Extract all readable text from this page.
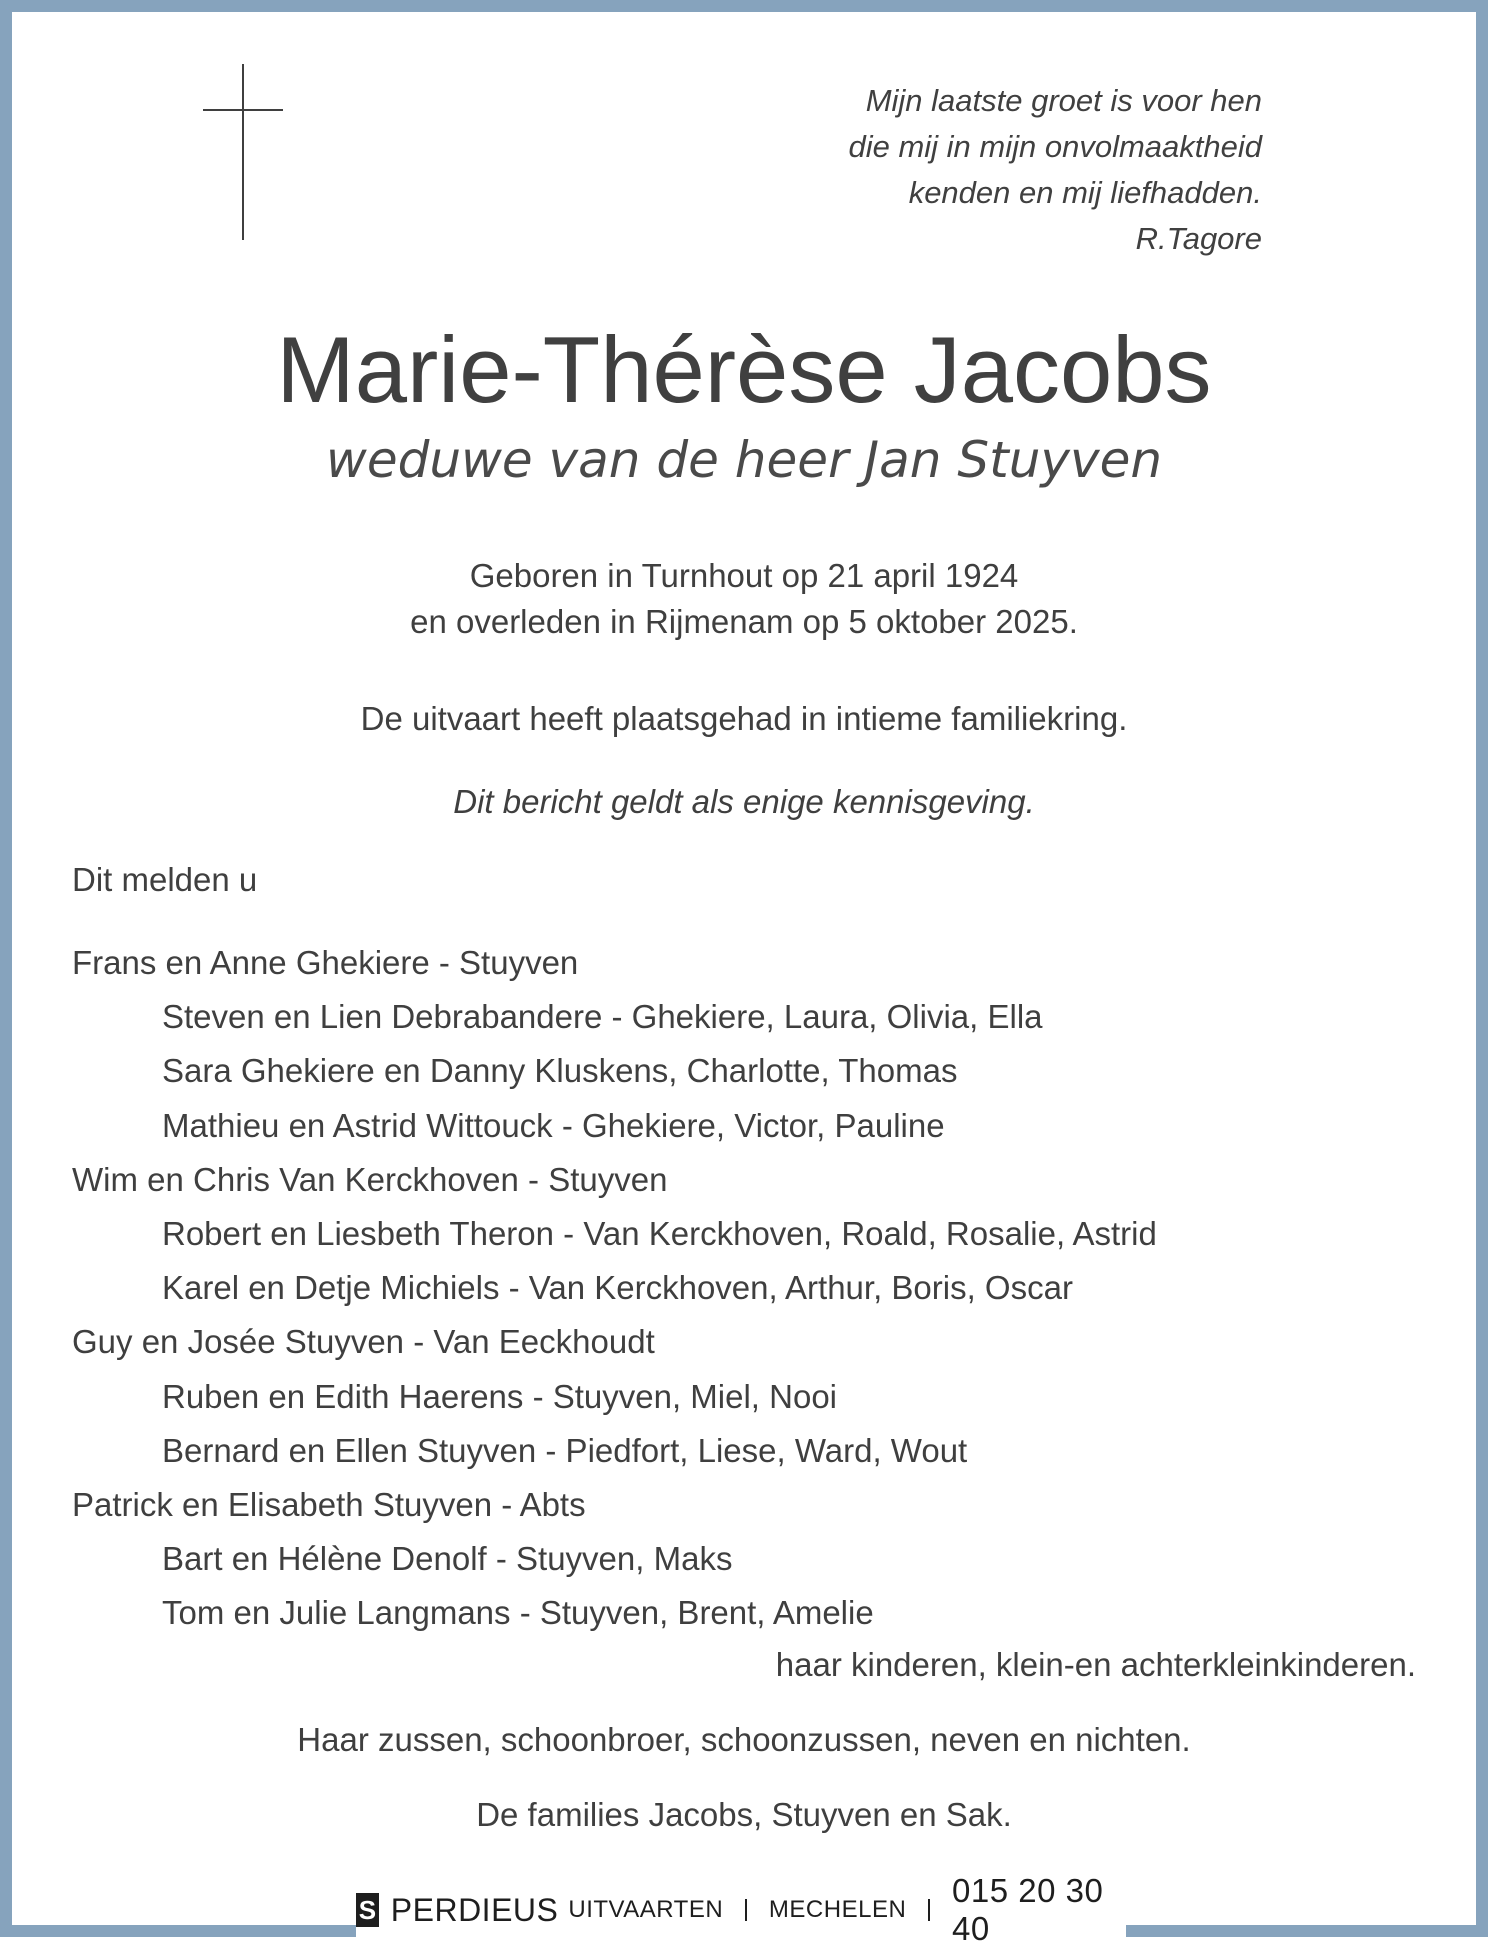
Mijn laatste groet is voor hen
die mij in mijn onvolmaaktheid
kenden en mij liefhadden.
R.Tagore
Marie-Thérèse Jacobs
weduwe van de heer Jan Stuyven
Geboren in Turnhout op 21 april 1924
en overleden in Rijmenam op 5 oktober 2025.
De uitvaart heeft plaatsgehad in intieme familiekring.
Dit bericht geldt als enige kennisgeving.
Dit melden u
Frans en Anne Ghekiere - Stuyven
Steven en Lien Debrabandere - Ghekiere, Laura, Olivia, Ella
Sara Ghekiere en Danny Kluskens, Charlotte, Thomas
Mathieu en Astrid Wittouck - Ghekiere, Victor, Pauline
Wim en Chris Van Kerckhoven - Stuyven
Robert en Liesbeth Theron - Van Kerckhoven, Roald, Rosalie, Astrid
Karel en Detje Michiels - Van Kerckhoven, Arthur, Boris, Oscar
Guy en Josée Stuyven - Van Eeckhoudt
Ruben en Edith Haerens - Stuyven, Miel, Nooi
Bernard en Ellen Stuyven - Piedfort, Liese, Ward, Wout
Patrick en Elisabeth Stuyven - Abts
Bart en Hélène Denolf - Stuyven, Maks
Tom en Julie Langmans - Stuyven, Brent, Amelie
haar kinderen, klein-en achterkleinkinderen.
Haar zussen, schoonbroer, schoonzussen, neven en nichten.
De families Jacobs, Stuyven en Sak.
S PERDIEUS UITVAARTEN MECHELEN
015 20 30 40
